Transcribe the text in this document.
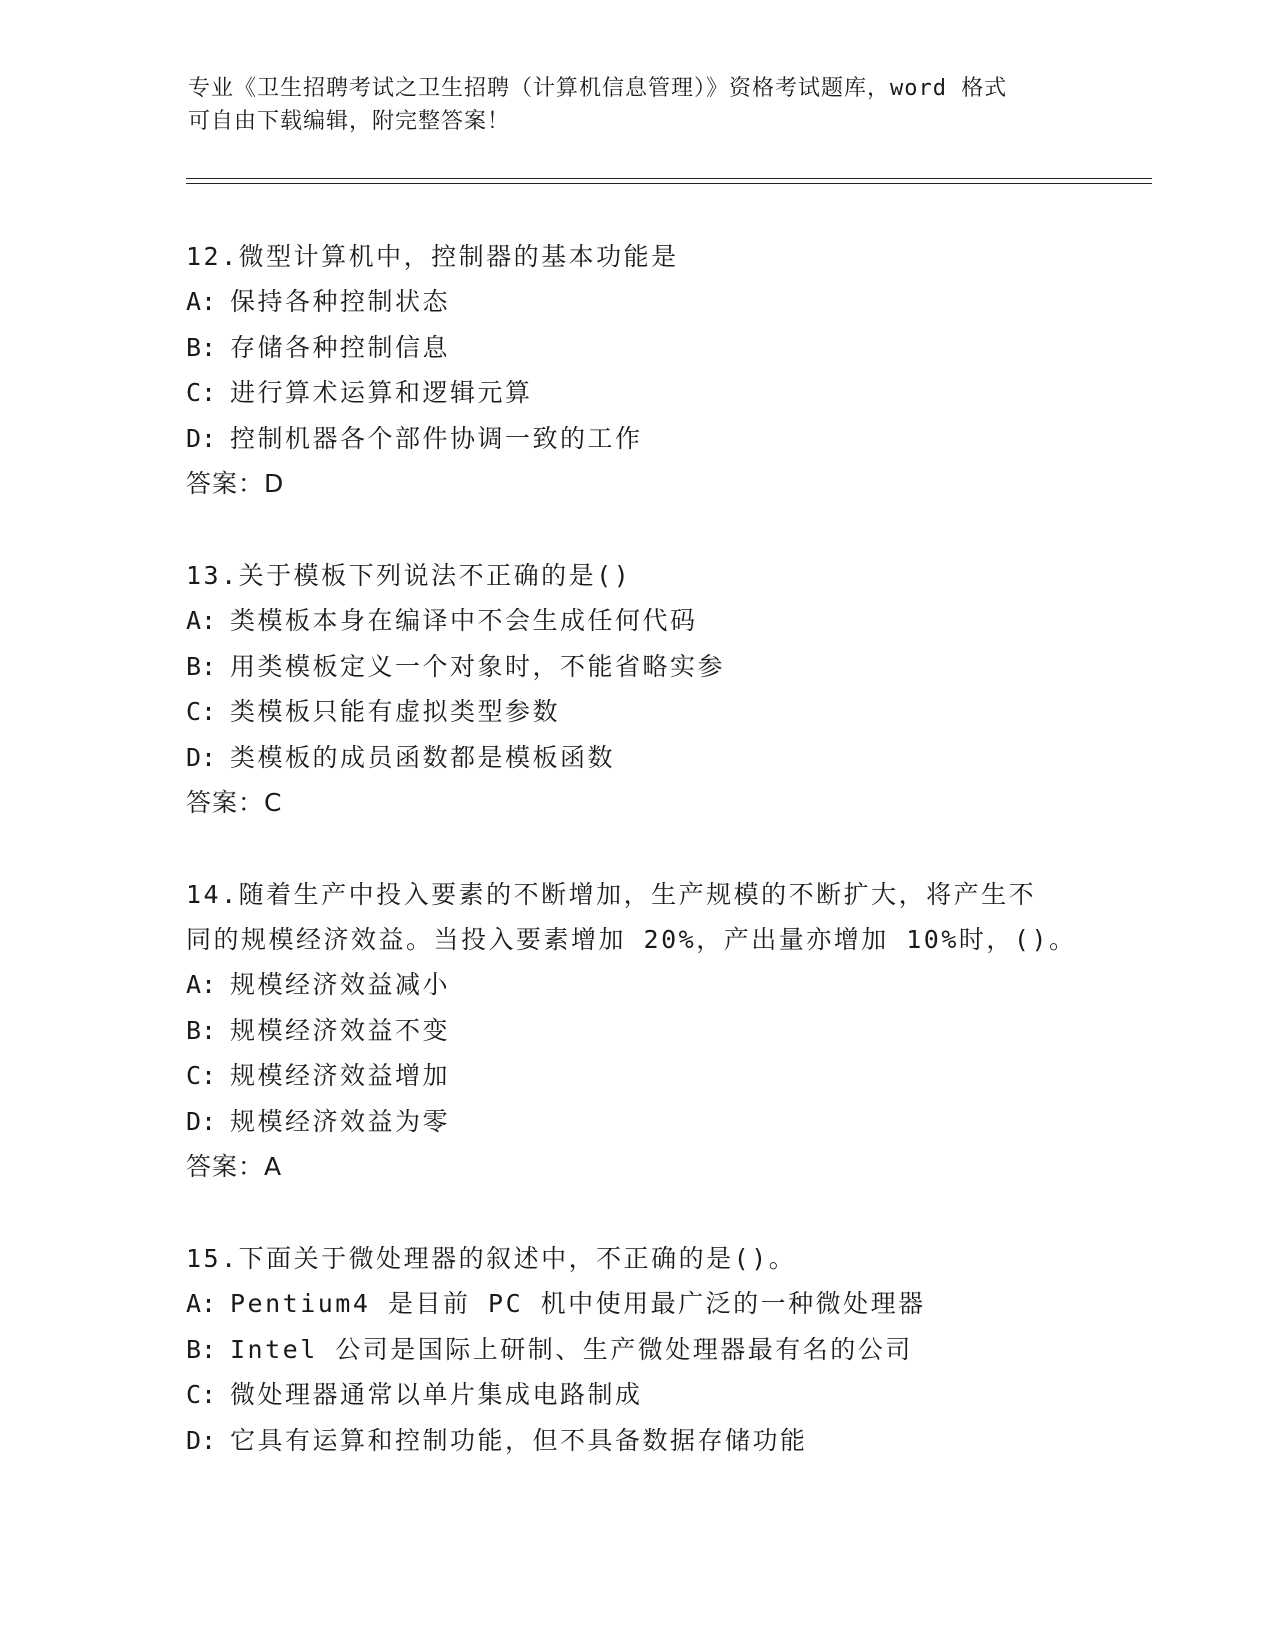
专业《卫生招聘考试之卫生招聘（计算机信息管理）》资格考试题库，word 格式
可自由下载编辑，附完整答案！

12.微型计算机中，控制器的基本功能是

A: 保持各种控制状态

B: 存储各种控制信息

C: 进行算术运算和逻辑元算

D: 控制机器各个部件协调一致的工作

答案：D

13.关于模板下列说法不正确的是()

A: 类模板本身在编译中不会生成任何代码

B: 用类模板定义一个对象时，不能省略实参

C: 类模板只能有虚拟类型参数

D: 类模板的成员函数都是模板函数

答案：C

14.随着生产中投入要素的不断增加，生产规模的不断扩大，将产生不

同的规模经济效益。当投入要素增加 20%，产出量亦增加 10%时，()。

A: 规模经济效益减小

B: 规模经济效益不变

C: 规模经济效益增加

D: 规模经济效益为零

答案：A

15.下面关于微处理器的叙述中，不正确的是()。

A: Pentium4 是目前 PC 机中使用最广泛的一种微处理器

B: Intel 公司是国际上研制、生产微处理器最有名的公司

C: 微处理器通常以单片集成电路制成

D: 它具有运算和控制功能，但不具备数据存储功能
